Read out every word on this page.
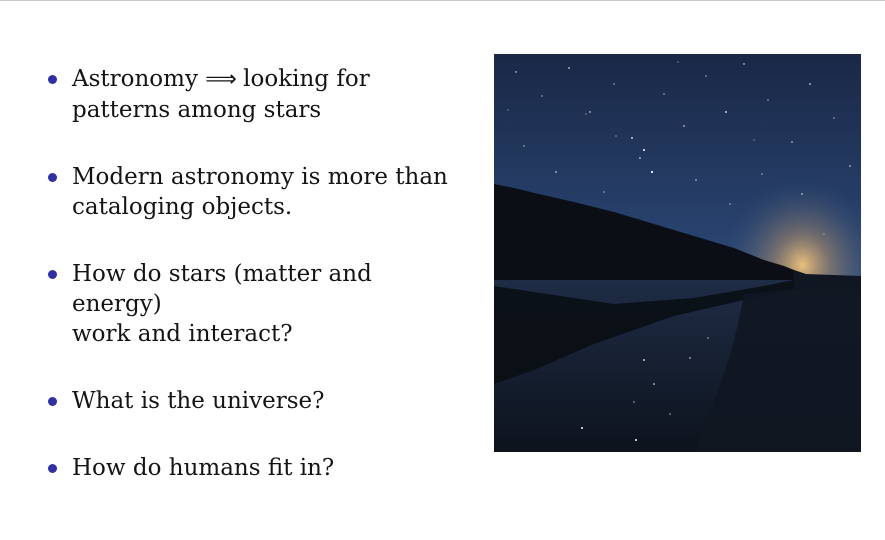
Astronomy ⟹ looking for
patterns among stars
Modern astronomy is more than
cataloging objects.
How do stars (matter and energy)
work and interact?
What is the universe?
How do humans fit in?
